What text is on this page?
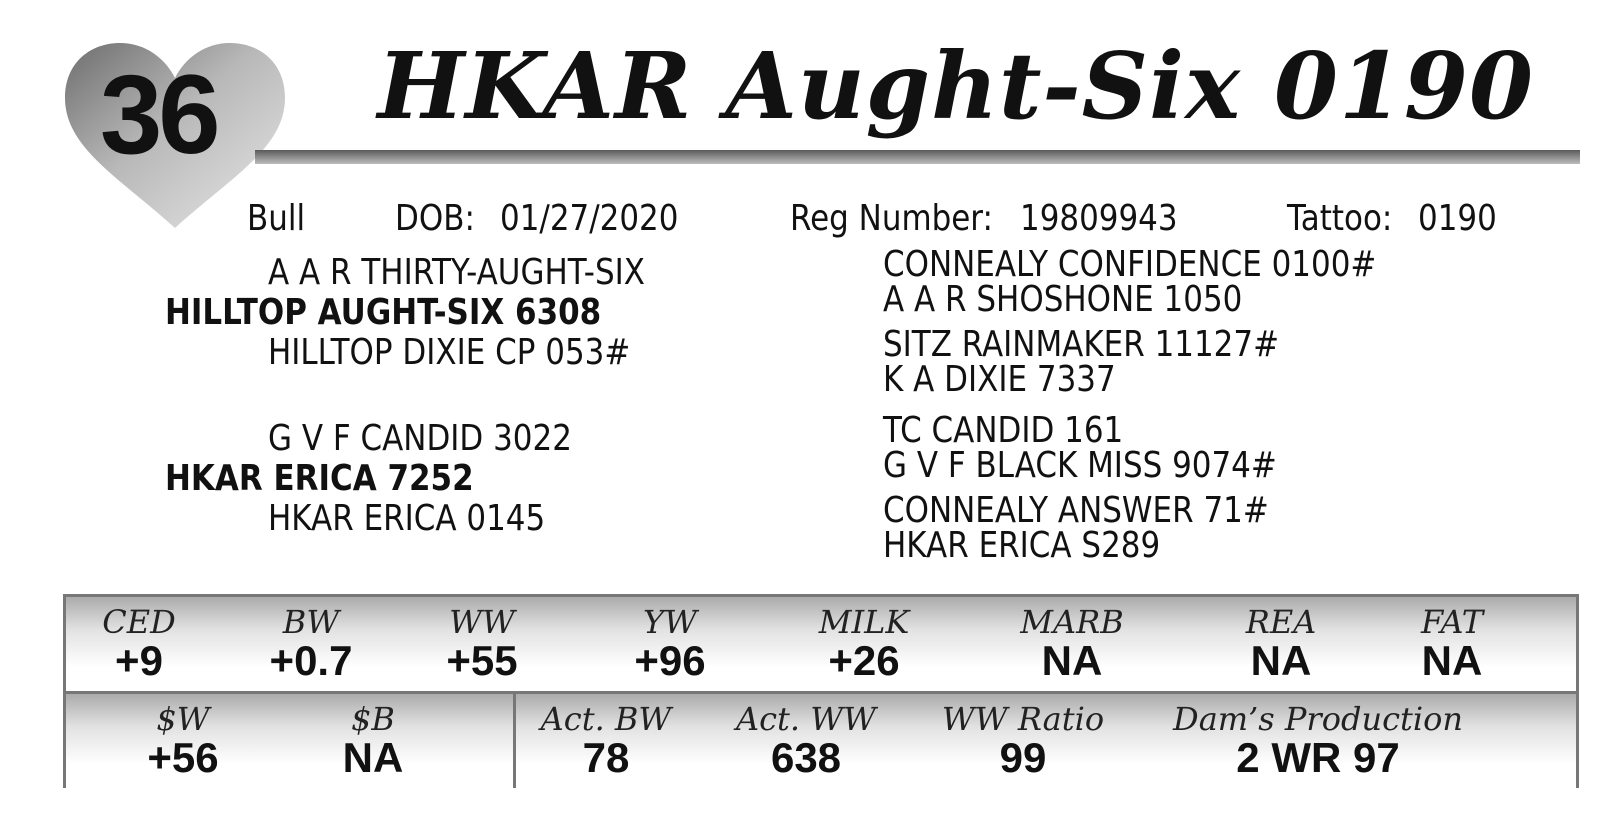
36 HKAR Aught-Six 0190
Bull DOB: 01/27/2020	Reg Number: 19809943	Tattoo: 0190
A A R THIRTY-AUGHT-SIX
HILLTOP AUGHT-SIX 6308
HILLTOP DIXIE CP 053#
G V F CANDID 3022
HKAR ERICA 7252
HKAR ERICA 0145
CONNEALY CONFIDENCE 0100#
A A R SHOSHONE 1050
SITZ RAINMAKER 11127#
K A DIXIE 7337
TC CANDID 161
G V F BLACK MISS 9074#
CONNEALY ANSWER 71#
HKAR ERICA S289
CED
+9
BW
+0.7
WW
+55
YW
+96
MILK
+26
MARB
NA
REA
NA
FAT
NA
$W
+56
$B
NA
Act. BW
78
Act. WW
638
WW Ratio
99
Dam’s Production
2 WR 97
